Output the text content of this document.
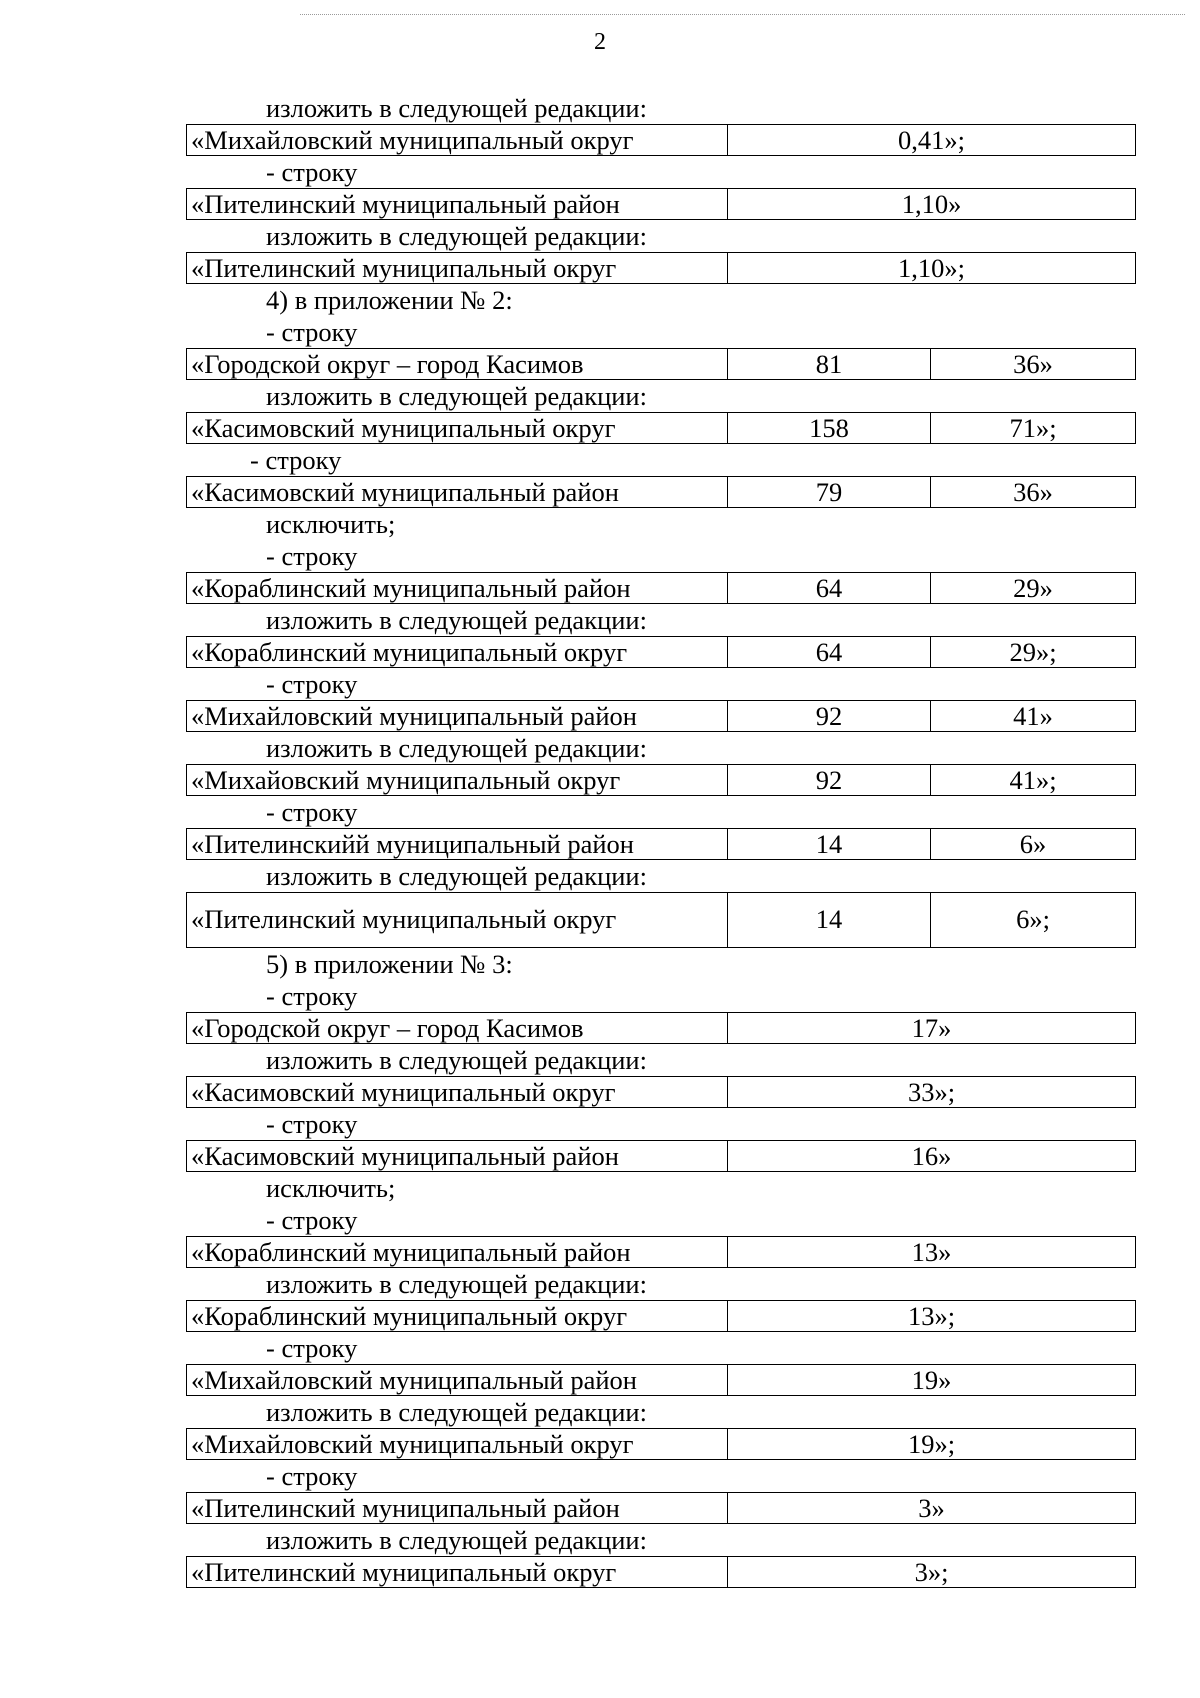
2
изложить в следующей редакции:
«Михайловский муниципальный округ	0,41»;
- строку
«Пителинский муниципальный район	1,10»
изложить в следующей редакции:
«Пителинский муниципальный округ	1,10»;
4) в приложении № 2:
- строку
«Городской округ – город Касимов	81	36»
изложить в следующей редакции:
«Касимовский муниципальный округ	158	71»;
- строку
«Касимовский муниципальный район	79	36»
исключить;
- строку
«Кораблинский муниципальный район	64	29»
изложить в следующей редакции:
«Кораблинский муниципальный округ	64	29»;
- строку
«Михайловский муниципальный район	92	41»
изложить в следующей редакции:
«Михайовский муниципальный округ	92	41»;
- строку
«Пителинскийй муниципальный район	14	6»
изложить в следующей редакции:
«Пителинский муниципальный округ	14	6»;
5) в приложении № 3:
- строку
«Городской округ – город Касимов	17»
изложить в следующей редакции:
«Касимовский муниципальный округ	33»;
- строку
«Касимовский муниципальный район	16»
исключить;
- строку
«Кораблинский муниципальный район	13»
изложить в следующей редакции:
«Кораблинский муниципальный округ	13»;
- строку
«Михайловский муниципальный район	19»
изложить в следующей редакции:
«Михайловский муниципальный округ	19»;
- строку
«Пителинский муниципальный район	3»
изложить в следующей редакции:
«Пителинский муниципальный округ	3»;
